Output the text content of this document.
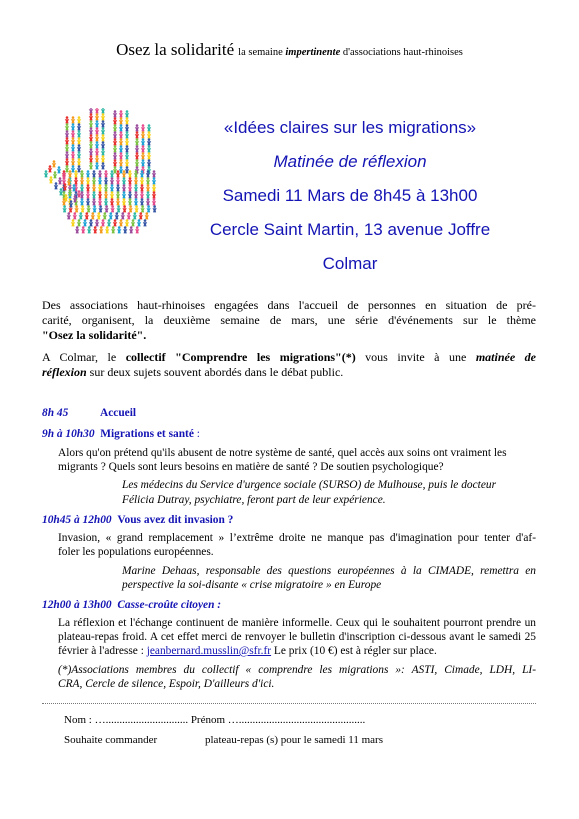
Osez la solidarité la semaine impertinente d'associations haut-rhinoises
«Idées claires sur les migrations»
Matinée de réflexion
Samedi 11 Mars de 8h45 à 13h00
Cercle Saint Martin, 13 avenue Joffre
Colmar
Des associations haut-rhinoises engagées dans l'accueil de personnes en situation de pré-
carité, organisent, la deuxième semaine de mars, une série d'événements sur le thème
"Osez la solidarité".
A Colmar, le collectif "Comprendre les migrations"(*) vous invite à une matinée de
réflexion sur deux sujets souvent abordés dans le débat public.
8h 45	Accueil
9h à 10h30 Migrations et santé :
Alors qu'on prétend qu'ils abusent de notre système de santé, quel accès aux soins ont vraiment les
migrants ? Quels sont leurs besoins en matière de santé ? De soutien psychologique?
Les médecins du Service d'urgence sociale (SURSO) de Mulhouse, puis le docteur
Félicia Dutray, psychiatre, feront part de leur expérience.
10h45 à 12h00 Vous avez dit invasion ?
Invasion, « grand remplacement » l’extrême droite ne manque pas d'imagination pour tenter d'af-
foler les populations européennes.
Marine Dehaas, responsable des questions européennes à la CIMADE, remettra en
perspective la soi-disante « crise migratoire » en Europe
12h00 à 13h00 Casse-croûte citoyen :
La réflexion et l'échange continuent de manière informelle. Ceux qui le souhaitent pourront prendre un
plateau-repas froid. A cet effet merci de renvoyer le bulletin d'inscription ci-dessous avant le samedi 25
février à l'adresse : jeanbernard.musslin@sfr.fr Le prix (10 €) est à régler sur place.
(*)Associations membres du collectif « comprendre les migrations »: ASTI, Cimade, LDH, LI-
CRA, Cercle de silence, Espoir, D'ailleurs d'ici.
Nom : ….............................. Prénom …..............................................
Souhaite commander	plateau-repas (s) pour le samedi 11 mars
